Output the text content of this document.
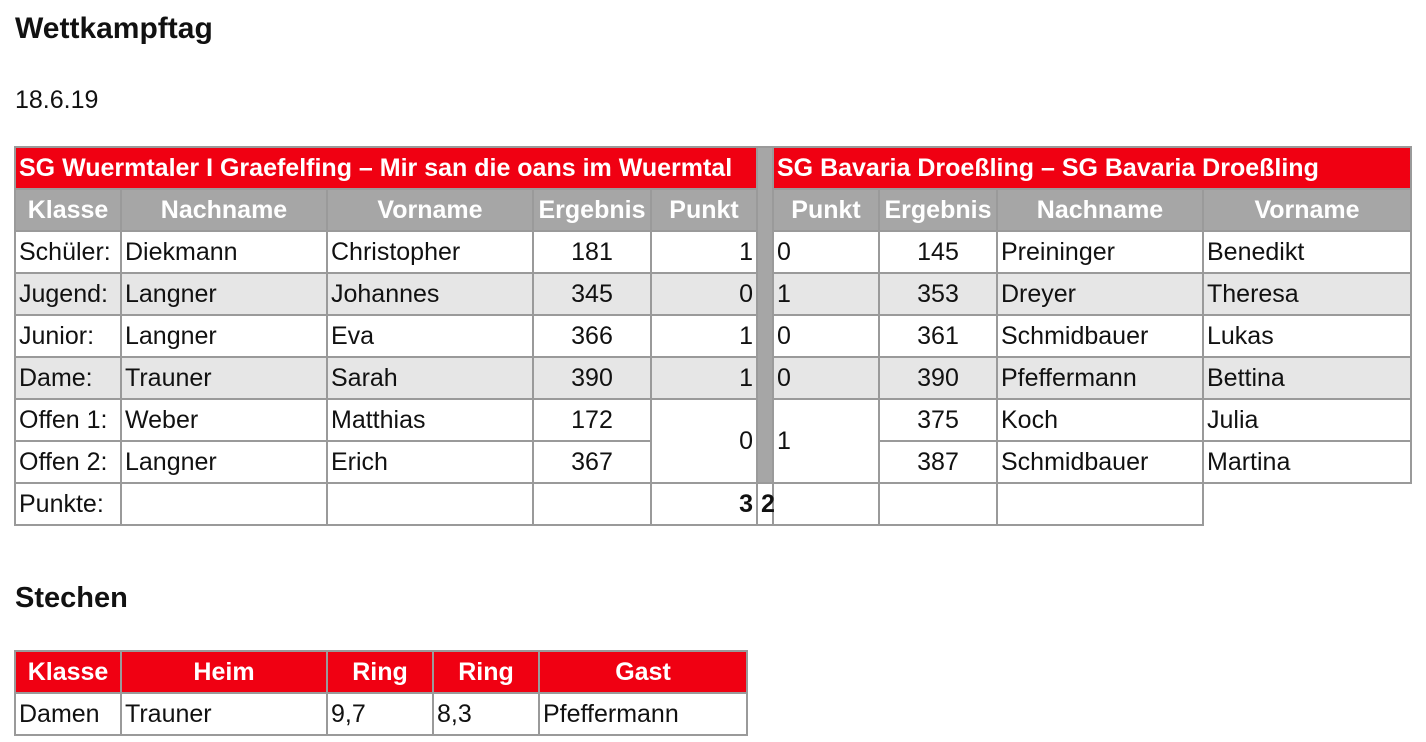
Wettkampftag
18.6.19
SG Wuermtaler I Graefelfing – Mir san die oans im Wuermtal						SG Bavaria Droeßling – SG Bavaria Droeßling			
Klasse	Nachname	Vorname	Ergebnis	Punkt		Punkt	Ergebnis	Nachname	Vorname
Schüler:	Diekmann	Christopher	181	1		0	145	Preininger	Benedikt
Jugend:	Langner	Johannes	345	0		1	353	Dreyer	Theresa
Junior:	Langner	Eva	366	1		0	361	Schmidbauer	Lukas
Dame:	Trauner	Sarah	390	1		0	390	Pfeffermann	Bettina
Offen 1:	Weber	Matthias	172	0		1	375	Koch	Julia
Offen 2:	Langner	Erich	367				387	Schmidbauer	Martina
Punkte:				3	2				
Stechen
Klasse	Heim	Ring	Ring	Gast
Damen	Trauner	9,7	8,3	Pfeffermann
